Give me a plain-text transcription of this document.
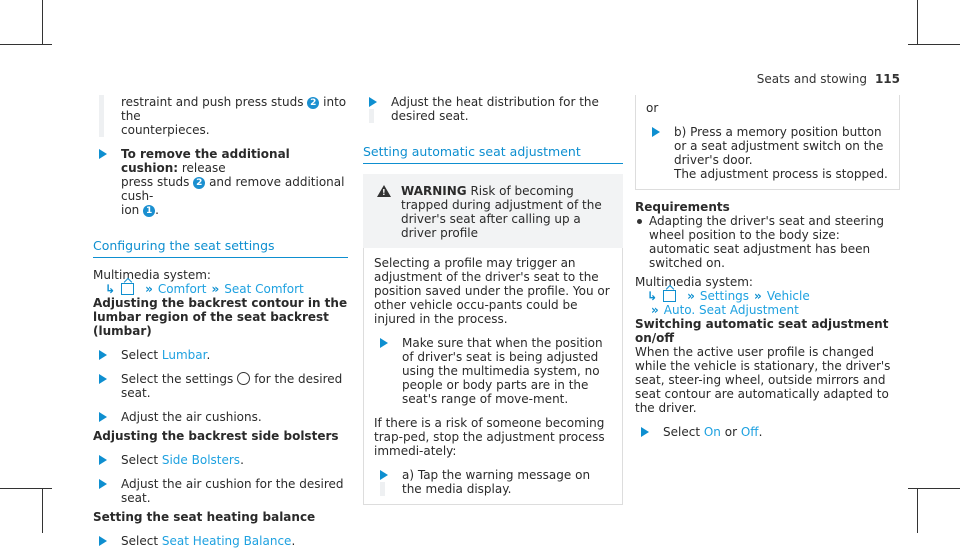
Seats and stowing 115
restraint and push press studs 2 into the
counterpieces.
To remove the additional cushion: release
press studs 2 and remove additional cush-
ion 1 .
Configuring the seat settings
Multimedia system:
↳	» Comfort » Seat Comfort
Adjusting the backrest contour in the lumbar region of the seat backrest (lumbar)
Select Lumbar.
Select the settings for the desired seat.
Adjust the air cushions.
Adjusting the backrest side bolsters
Select Side Bolsters.
Adjust the air cushion for the desired seat.
Setting the seat heating balance
Select Seat Heating Balance.
Adjust the heat distribution for the desired seat.
Setting automatic seat adjustment
!
WARNING Risk of becoming trapped during adjustment of the driver's seat after calling up a driver profile
Selecting a profile may trigger an adjustment of the driver's seat to the position saved under the profile. You or other vehicle occu-pants could be injured in the process.
Make sure that when the position of driver's seat is being adjusted using the multimedia system, no people or body parts are in the seat's range of move-ment.
If there is a risk of someone becoming trap-ped, stop the adjustment process immedi-ately:
a) Tap the warning message on the media display.
or
b) Press a memory position button or a seat adjustment switch on the driver's door.
The adjustment process is stopped.
Requirements
Adapting the driver's seat and steering wheel position to the body size: automatic seat adjustment has been switched on.
Multimedia system:
↳	» Settings » Vehicle
» Auto. Seat Adjustment
Switching automatic seat adjustment on/off
When the active user profile is changed while the vehicle is stationary, the driver's seat, steer-ing wheel, outside mirrors and seat contour are automatically adapted to the driver.
Select On or Off.
